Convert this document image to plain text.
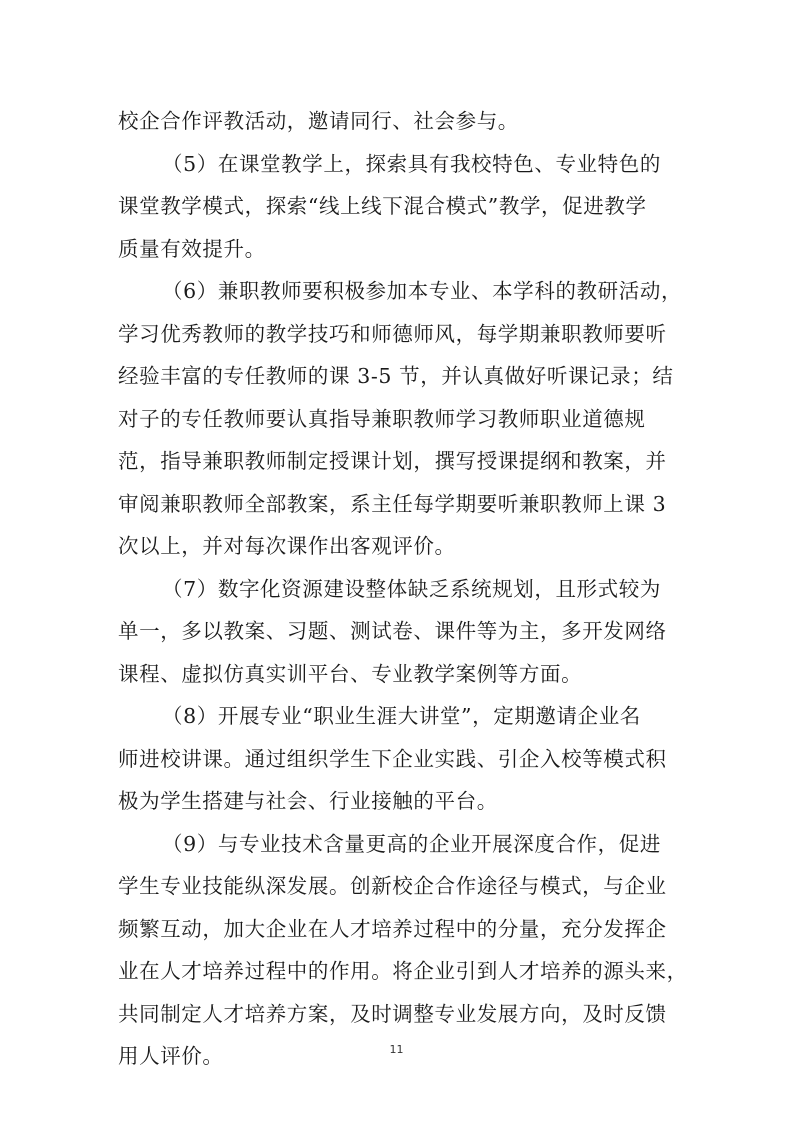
校企合作评教活动，邀请同行、社会参与。
（5）在课堂教学上，探索具有我校特色、专业特色的
课堂教学模式，探索“线上线下混合模式”教学，促进教学
质量有效提升。
（6）兼职教师要积极参加本专业、本学科的教研活动，
学习优秀教师的教学技巧和师德师风，每学期兼职教师要听
经验丰富的专任教师的课 3-5 节，并认真做好听课记录；结
对子的专任教师要认真指导兼职教师学习教师职业道德规
范，指导兼职教师制定授课计划，撰写授课提纲和教案，并
审阅兼职教师全部教案，系主任每学期要听兼职教师上课 3
次以上，并对每次课作出客观评价。
（7）数字化资源建设整体缺乏系统规划，且形式较为
单一，多以教案、习题、测试卷、课件等为主，多开发网络
课程、虚拟仿真实训平台、专业教学案例等方面。
（8）开展专业“职业生涯大讲堂”，定期邀请企业名
师进校讲课。通过组织学生下企业实践、引企入校等模式积
极为学生搭建与社会、行业接触的平台。
（9）与专业技术含量更高的企业开展深度合作，促进
学生专业技能纵深发展。创新校企合作途径与模式，与企业
频繁互动，加大企业在人才培养过程中的分量，充分发挥企
业在人才培养过程中的作用。将企业引到人才培养的源头来，
共同制定人才培养方案，及时调整专业发展方向，及时反馈
用人评价。	11
